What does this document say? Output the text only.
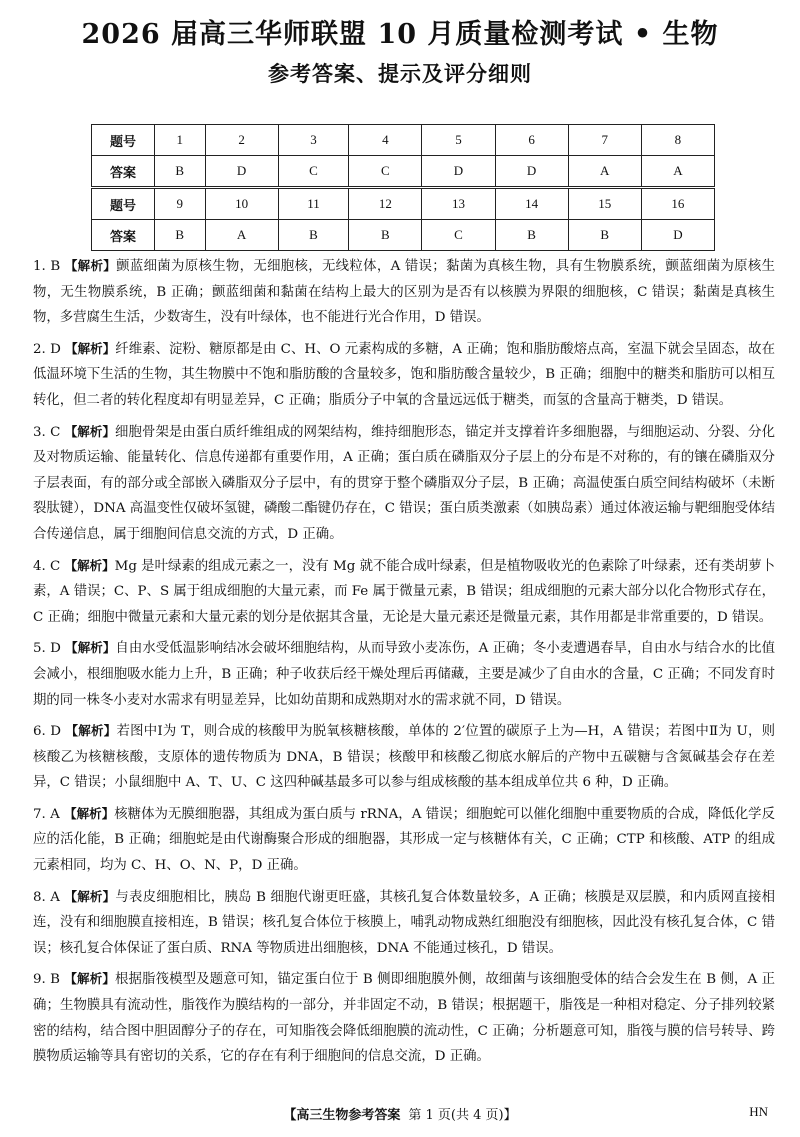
2026 届高三华师联盟 10 月质量检测考试 • 生物
参考答案、提示及评分细则
题号	1	2	3	4	5	6	7	8
答案	B	D	C	C	D	D	A	A
题号	9	10	11	12	13	14	15	16
答案	B	A	B	B	C	B	B	D
1. B 【解析】颤蓝细菌为原核生物，无细胞核，无线粒体，A 错误；黏菌为真核生物，具有生物膜系统，颤蓝细菌为原核生物，无生物膜系统，B 正确；颤蓝细菌和黏菌在结构上最大的区别为是否有以核膜为界限的细胞核，C 错误；黏菌是真核生物，多营腐生生活，少数寄生，没有叶绿体，也不能进行光合作用，D 错误。
2. D 【解析】纤维素、淀粉、糖原都是由 C、H、O 元素构成的多糖，A 正确；饱和脂肪酸熔点高，室温下就会呈固态，故在低温环境下生活的生物，其生物膜中不饱和脂肪酸的含量较多，饱和脂肪酸含量较少，B 正确；细胞中的糖类和脂肪可以相互转化，但二者的转化程度却有明显差异，C 正确；脂质分子中氧的含量远远低于糖类，而氢的含量高于糖类，D 错误。
3. C 【解析】细胞骨架是由蛋白质纤维组成的网架结构，维持细胞形态，锚定并支撑着许多细胞器，与细胞运动、分裂、分化及对物质运输、能量转化、信息传递都有重要作用，A 正确；蛋白质在磷脂双分子层上的分布是不对称的，有的镶在磷脂双分子层表面，有的部分或全部嵌入磷脂双分子层中，有的贯穿于整个磷脂双分子层，B 正确；高温使蛋白质空间结构破坏（未断裂肽键），DNA 高温变性仅破坏氢键，磷酸二酯键仍存在，C 错误；蛋白质类激素（如胰岛素）通过体液运输与靶细胞受体结合传递信息，属于细胞间信息交流的方式，D 正确。
4. C 【解析】Mg 是叶绿素的组成元素之一，没有 Mg 就不能合成叶绿素，但是植物吸收光的色素除了叶绿素，还有类胡萝卜素，A 错误；C、P、S 属于组成细胞的大量元素，而 Fe 属于微量元素，B 错误；组成细胞的元素大部分以化合物形式存在，C 正确；细胞中微量元素和大量元素的划分是依据其含量，无论是大量元素还是微量元素，其作用都是非常重要的，D 错误。
5. D 【解析】自由水受低温影响结冰会破坏细胞结构，从而导致小麦冻伤，A 正确；冬小麦遭遇春旱，自由水与结合水的比值会减小，根细胞吸水能力上升，B 正确；种子收获后经干燥处理后再储藏，主要是减少了自由水的含量，C 正确；不同发育时期的同一株冬小麦对水需求有明显差异，比如幼苗期和成熟期对水的需求就不同，D 错误。
6. D 【解析】若图中Ⅰ为 T，则合成的核酸甲为脱氧核糖核酸，单体的 2′位置的碳原子上为—H，A 错误；若图中Ⅱ为 U，则核酸乙为核糖核酸，支原体的遗传物质为 DNA，B 错误；核酸甲和核酸乙彻底水解后的产物中五碳糖与含氮碱基会存在差异，C 错误；小鼠细胞中 A、T、U、C 这四种碱基最多可以参与组成核酸的基本组成单位共 6 种，D 正确。
7. A 【解析】核糖体为无膜细胞器，其组成为蛋白质与 rRNA，A 错误；细胞蛇可以催化细胞中重要物质的合成，降低化学反应的活化能，B 正确；细胞蛇是由代谢酶聚合形成的细胞器，其形成一定与核糖体有关，C 正确；CTP 和核酸、ATP 的组成元素相同，均为 C、H、O、N、P，D 正确。
8. A 【解析】与表皮细胞相比，胰岛 B 细胞代谢更旺盛，其核孔复合体数量较多，A 正确；核膜是双层膜，和内质网直接相连，没有和细胞膜直接相连，B 错误；核孔复合体位于核膜上，哺乳动物成熟红细胞没有细胞核，因此没有核孔复合体，C 错误；核孔复合体保证了蛋白质、RNA 等物质进出细胞核，DNA 不能通过核孔，D 错误。
9. B 【解析】根据脂筏模型及题意可知，锚定蛋白位于 B 侧即细胞膜外侧，故细菌与该细胞受体的结合会发生在 B 侧，A 正确；生物膜具有流动性，脂筏作为膜结构的一部分，并非固定不动，B 错误；根据题干，脂筏是一种相对稳定、分子排列较紧密的结构，结合图中胆固醇分子的存在，可知脂筏会降低细胞膜的流动性，C 正确；分析题意可知，脂筏与膜的信号转导、跨膜物质运输等具有密切的关系，它的存在有利于细胞间的信息交流，D 正确。
【高三生物参考答案 第 1 页(共 4 页)】	HN
